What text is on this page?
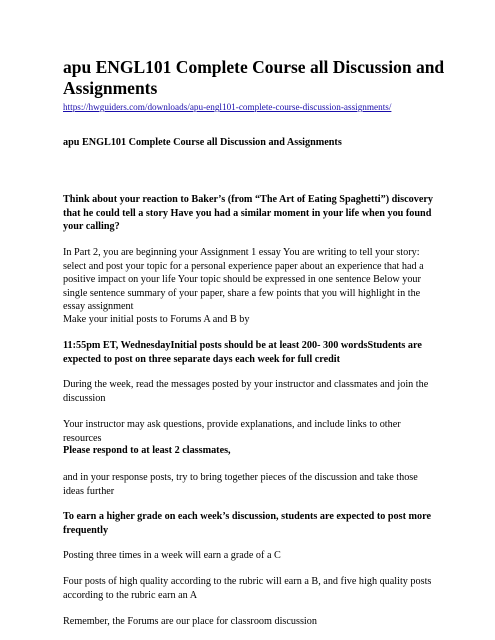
apu ENGL101 Complete Course all Discussion and Assignments
https://hwguiders.com/downloads/apu-engl101-complete-course-discussion-assignments/

apu ENGL101 Complete Course all Discussion and Assignments

Think about your reaction to Baker’s (from “The Art of Eating Spaghetti”) discovery that he could tell a story Have you had a similar moment in your life when you found your calling?

In Part 2, you are beginning your Assignment 1 essay You are writing to tell your story: select and post your topic for a personal experience paper about an experience that had a positive impact on your life Your topic should be expressed in one sentence Below your single sentence summary of your paper, share a few points that you will highlight in the essay assignment

Make your initial posts to Forums A and B by

11:55pm ET, WednesdayInitial posts should be at least 200- 300 wordsStudents are expected to post on three separate days each week for full credit

During the week, read the messages posted by your instructor and classmates and join the discussion

Your instructor may ask questions, provide explanations, and include links to other resources

Please respond to at least 2 classmates,

and in your response posts, try to bring together pieces of the discussion and take those ideas further

To earn a higher grade on each week’s discussion, students are expected to post more frequently

Posting three times in a week will earn a grade of a C

Four posts of high quality according to the rubric will earn a B, and five high quality posts according to the rubric earn an A

Remember, the Forums are our place for classroom discussion
